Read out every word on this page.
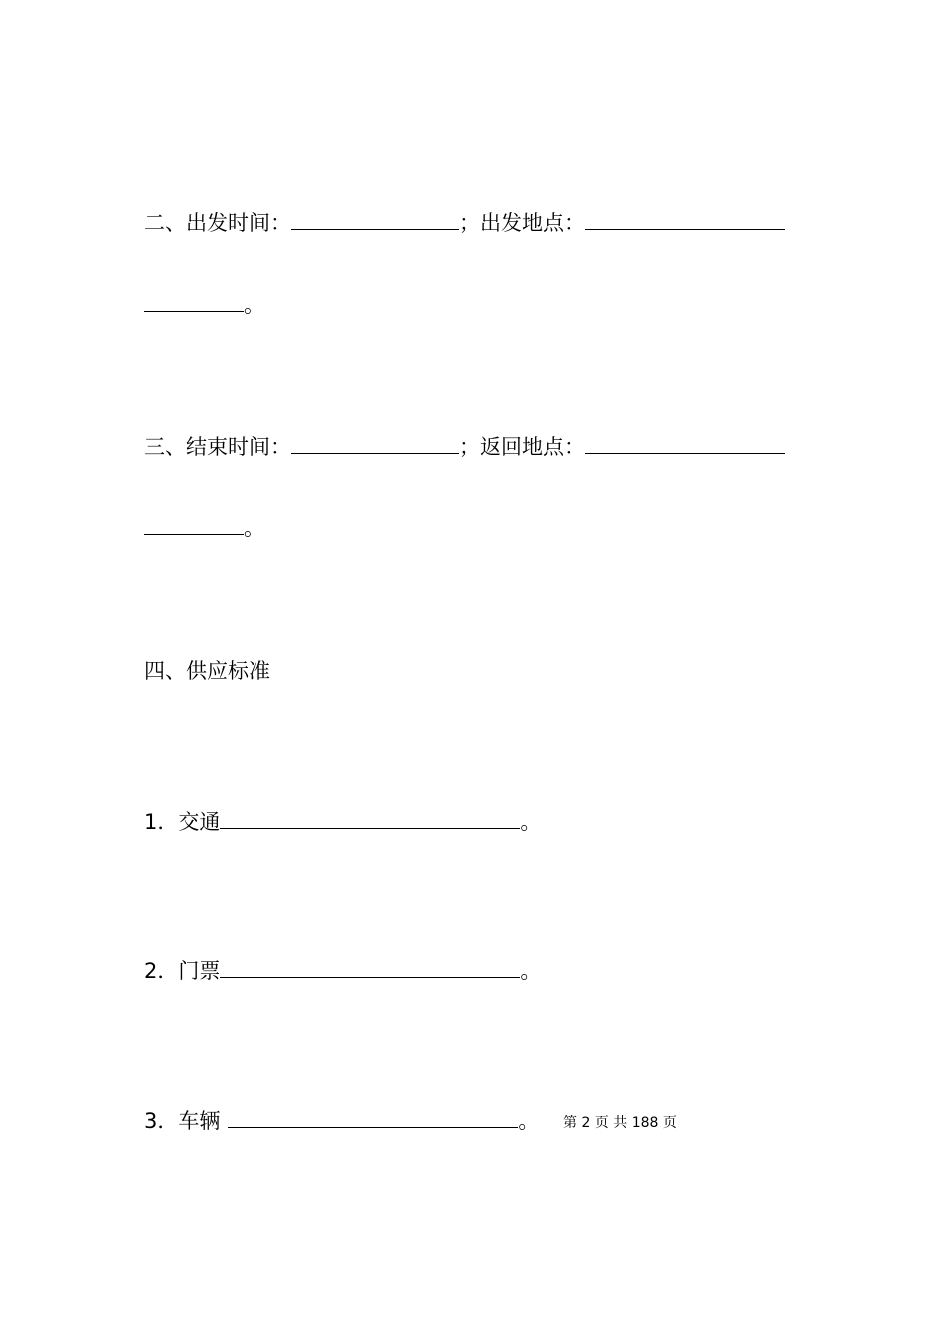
二、出发时间：	；出发地点：
。
三、结束时间：	；返回地点：
。
四、供应标准
1．交通	。
2．门票	。
3．车辆	。 第 2 页 共 188 页
